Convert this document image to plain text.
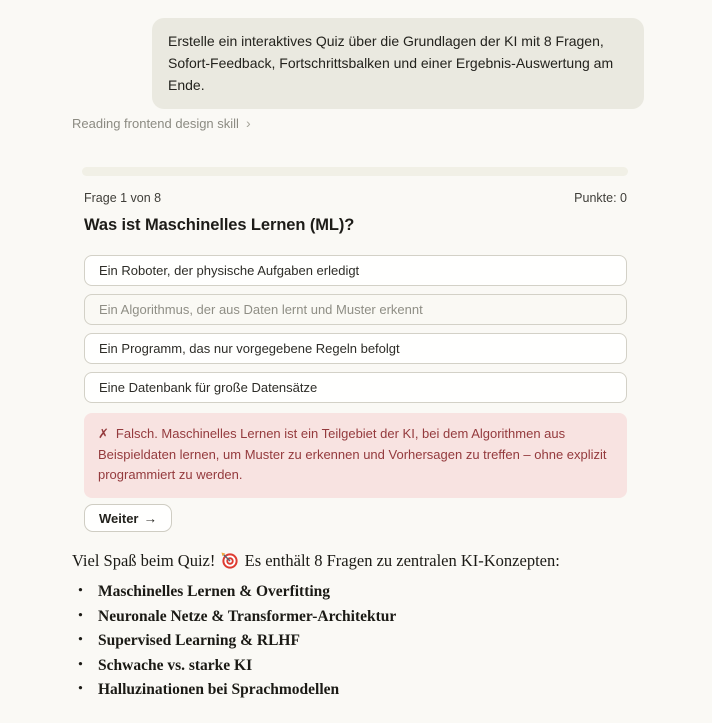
Erstelle ein interaktives Quiz über die Grundlagen der KI mit 8 Fragen, Sofort-Feedback, Fortschrittsbalken und einer Ergebnis-Auswertung am Ende.
Reading frontend design skill ›
Frage 1 von 8	Punkte: 0
Was ist Maschinelles Lernen (ML)?
Ein Roboter, der physische Aufgaben erledigt
Ein Algorithmus, der aus Daten lernt und Muster erkennt
Ein Programm, das nur vorgegebene Regeln befolgt
Eine Datenbank für große Datensätze
✗ Falsch. Maschinelles Lernen ist ein Teilgebiet der KI, bei dem Algorithmen aus Beispieldaten lernen, um Muster zu erkennen und Vorhersagen zu treffen – ohne explizit programmiert zu werden.
Weiter →
Viel Spaß beim Quiz! Es enthält 8 Fragen zu zentralen KI-Konzepten:
• Maschinelles Lernen & Overfitting
• Neuronale Netze & Transformer-Architektur
• Supervised Learning & RLHF
• Schwache vs. starke KI
• Halluzinationen bei Sprachmodellen
